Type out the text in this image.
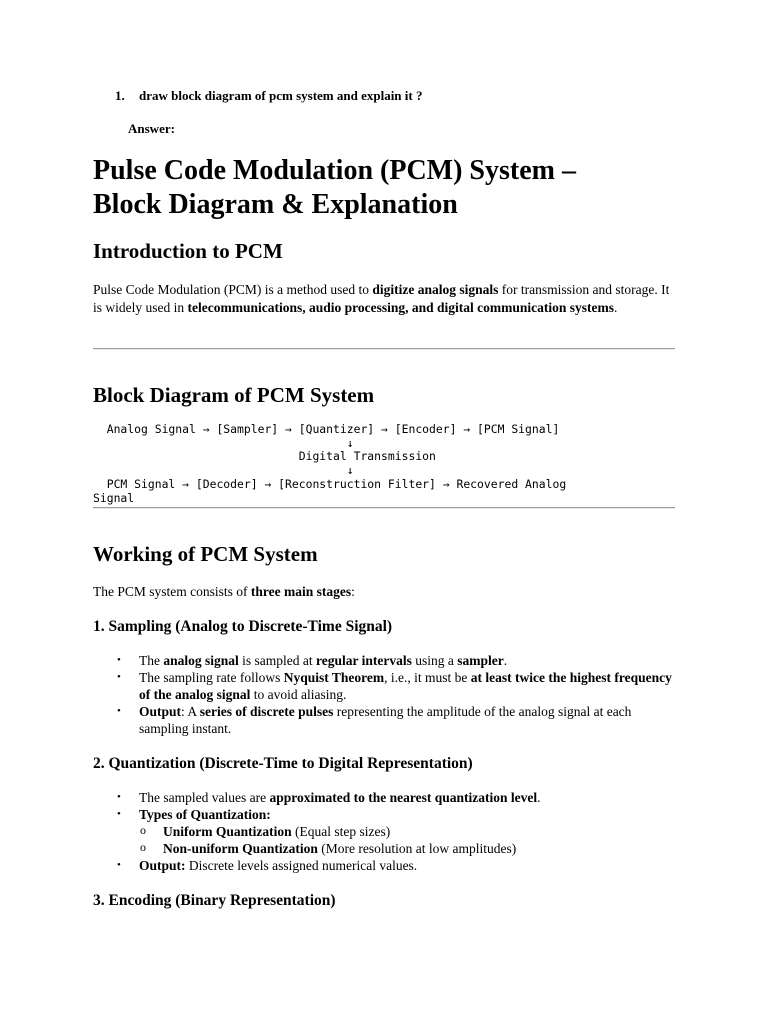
1. draw block diagram of pcm system and explain it ?
Answer:
Pulse Code Modulation (PCM) System –
Block Diagram & Explanation
Introduction to PCM

Pulse Code Modulation (PCM) is a method used to digitize analog signals for transmission and storage. It is widely used in telecommunications, audio processing, and digital communication systems.

Block Diagram of PCM System
Analog Signal → [Sampler] → [Quantizer] → [Encoder] → [PCM Signal]
↓
Digital Transmission
↓
PCM Signal → [Decoder] → [Reconstruction Filter] → Recovered Analog
Signal
Working of PCM System

The PCM system consists of three main stages:

1. Sampling (Analog to Discrete-Time Signal)
• The analog signal is sampled at regular intervals using a sampler.
• The sampling rate follows Nyquist Theorem, i.e., it must be at least twice the highest frequency of the analog signal to avoid aliasing.
• Output: A series of discrete pulses representing the amplitude of the analog signal at each sampling instant.
2. Quantization (Discrete-Time to Digital Representation)
• The sampled values are approximated to the nearest quantization level.
• Types of Quantization:
o Uniform Quantization (Equal step sizes)
o Non-uniform Quantization (More resolution at low amplitudes)
• Output: Discrete levels assigned numerical values.
3. Encoding (Binary Representation)
